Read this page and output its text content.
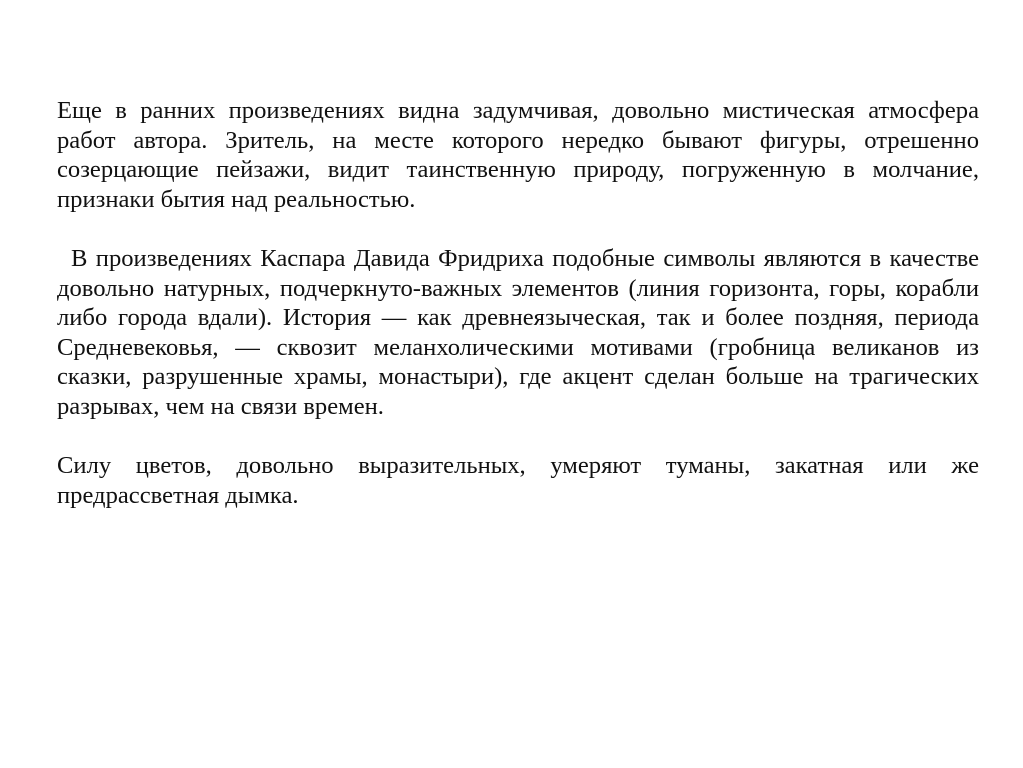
Еще в ранних произведениях видна задумчивая, довольно мистическая атмосфера работ автора. Зритель, на месте которого нередко бывают фигуры, отрешенно созерцающие пейзажи, видит таинственную природу, погруженную в молчание, признаки бытия над реальностью.

В произведениях Каспара Давида Фридриха подобные символы являются в качестве довольно натурных, подчеркнуто-важных элементов (линия горизонта, горы, корабли либо города вдали). История — как древнеязыческая, так и более поздняя, периода Средневековья, — сквозит меланхолическими мотивами (гробница великанов из сказки, разрушенные храмы, монастыри), где акцент сделан больше на трагических разрывах, чем на связи времен.

Силу цветов, довольно выразительных, умеряют туманы, закатная или же предрассветная дымка.
